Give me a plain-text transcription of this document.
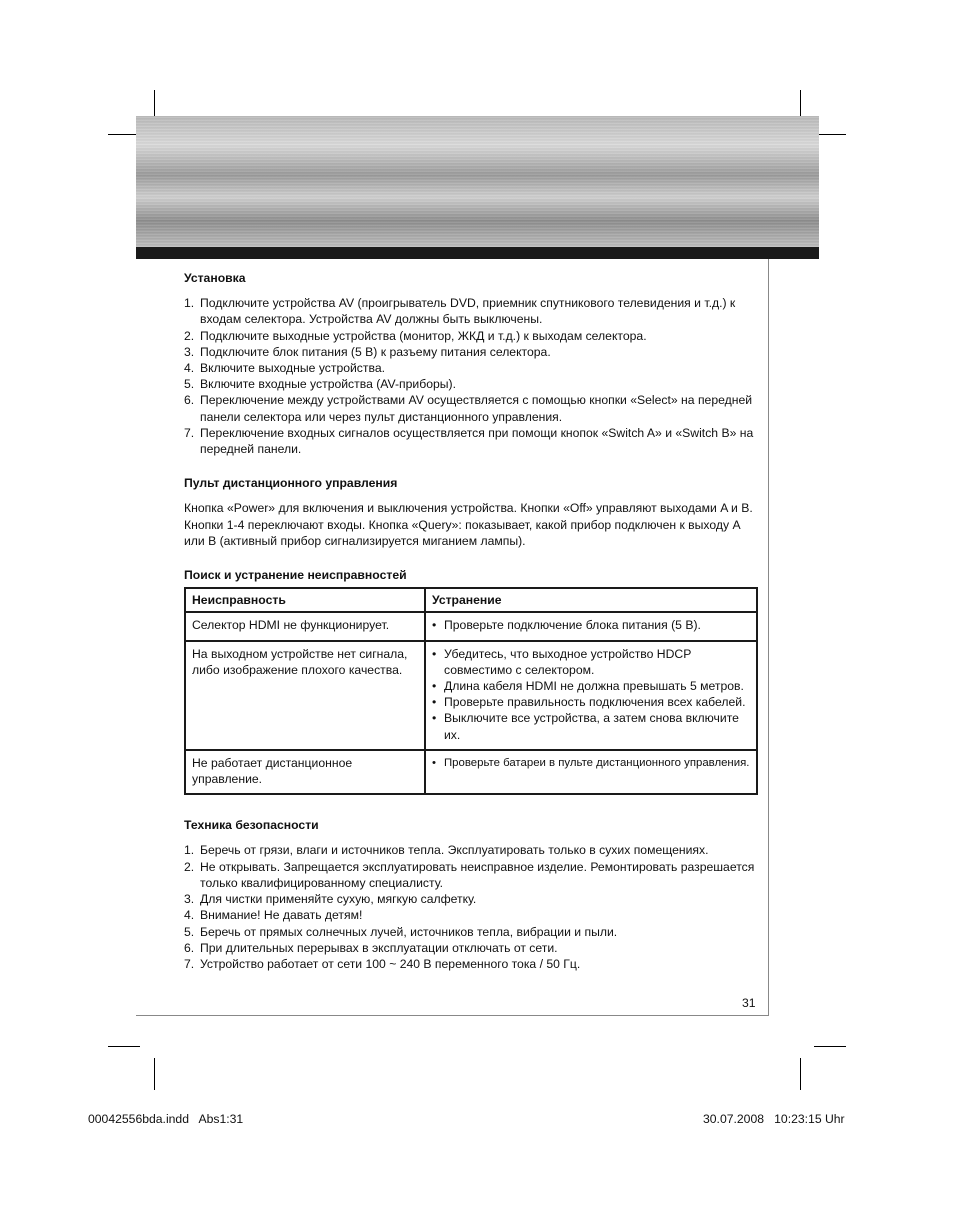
Установка
1. Подключите устройства AV (проигрыватель DVD, приемник спутникового телевидения и т.д.) к входам селектора. Устройства AV должны быть выключены.
2. Подключите выходные устройства (монитор, ЖКД и т.д.) к выходам селектора.
3. Подключите блок питания (5 В) к разъему питания селектора.
4. Включите выходные устройства.
5. Включите входные устройства (AV-приборы).
6. Переключение между устройствами AV осуществляется с помощью кнопки «Select» на передней панели селектора или через пульт дистанционного управления.
7. Переключение входных сигналов осуществляется при помощи кнопок «Switch A» и «Switch B» на передней панели.
Пульт дистанционного управления

Кнопка «Power» для включения и выключения устройства. Кнопки «Off» управляют выходами A и B. Кнопки 1-4 переключают входы. Кнопка «Query»: показывает, какой прибор подключен к выходу A или B (активный прибор сигнализируется миганием лампы).

Поиск и устранение неисправностей
Неисправность	Устранение
Селектор HDMI не функционирует.	• Проверьте подключение блока питания (5 В).

На выходном устройстве нет сигнала, либо изображение плохого качества.	• Убедитесь, что выходное устройство HDCP совместимо с селектором.
• Длина кабеля HDMI не должна превышать 5 метров.
• Проверьте правильность подключения всех кабелей.
• Выключите все устройства, а затем снова включите их.

Не работает дистанционное управление.	• Проверьте батареи в пульте дистанционного управления.
Техника безопасности
1. Беречь от грязи, влаги и источников тепла. Эксплуатировать только в сухих помещениях.
2. Не открывать. Запрещается эксплуатировать неисправное изделие. Ремонтировать разрешается только квалифицированному специалисту.
3. Для чистки применяйте сухую, мягкую салфетку.
4. Внимание! Не давать детям!
5. Беречь от прямых солнечных лучей, источников тепла, вибрации и пыли.
6. При длительных перерывах в эксплуатации отключать от сети.
7. Устройство работает от сети 100 ~ 240 В переменного тока / 50 Гц.
31
00042556bda.indd   Abs1:31	30.07.2008   10:23:15 Uhr
